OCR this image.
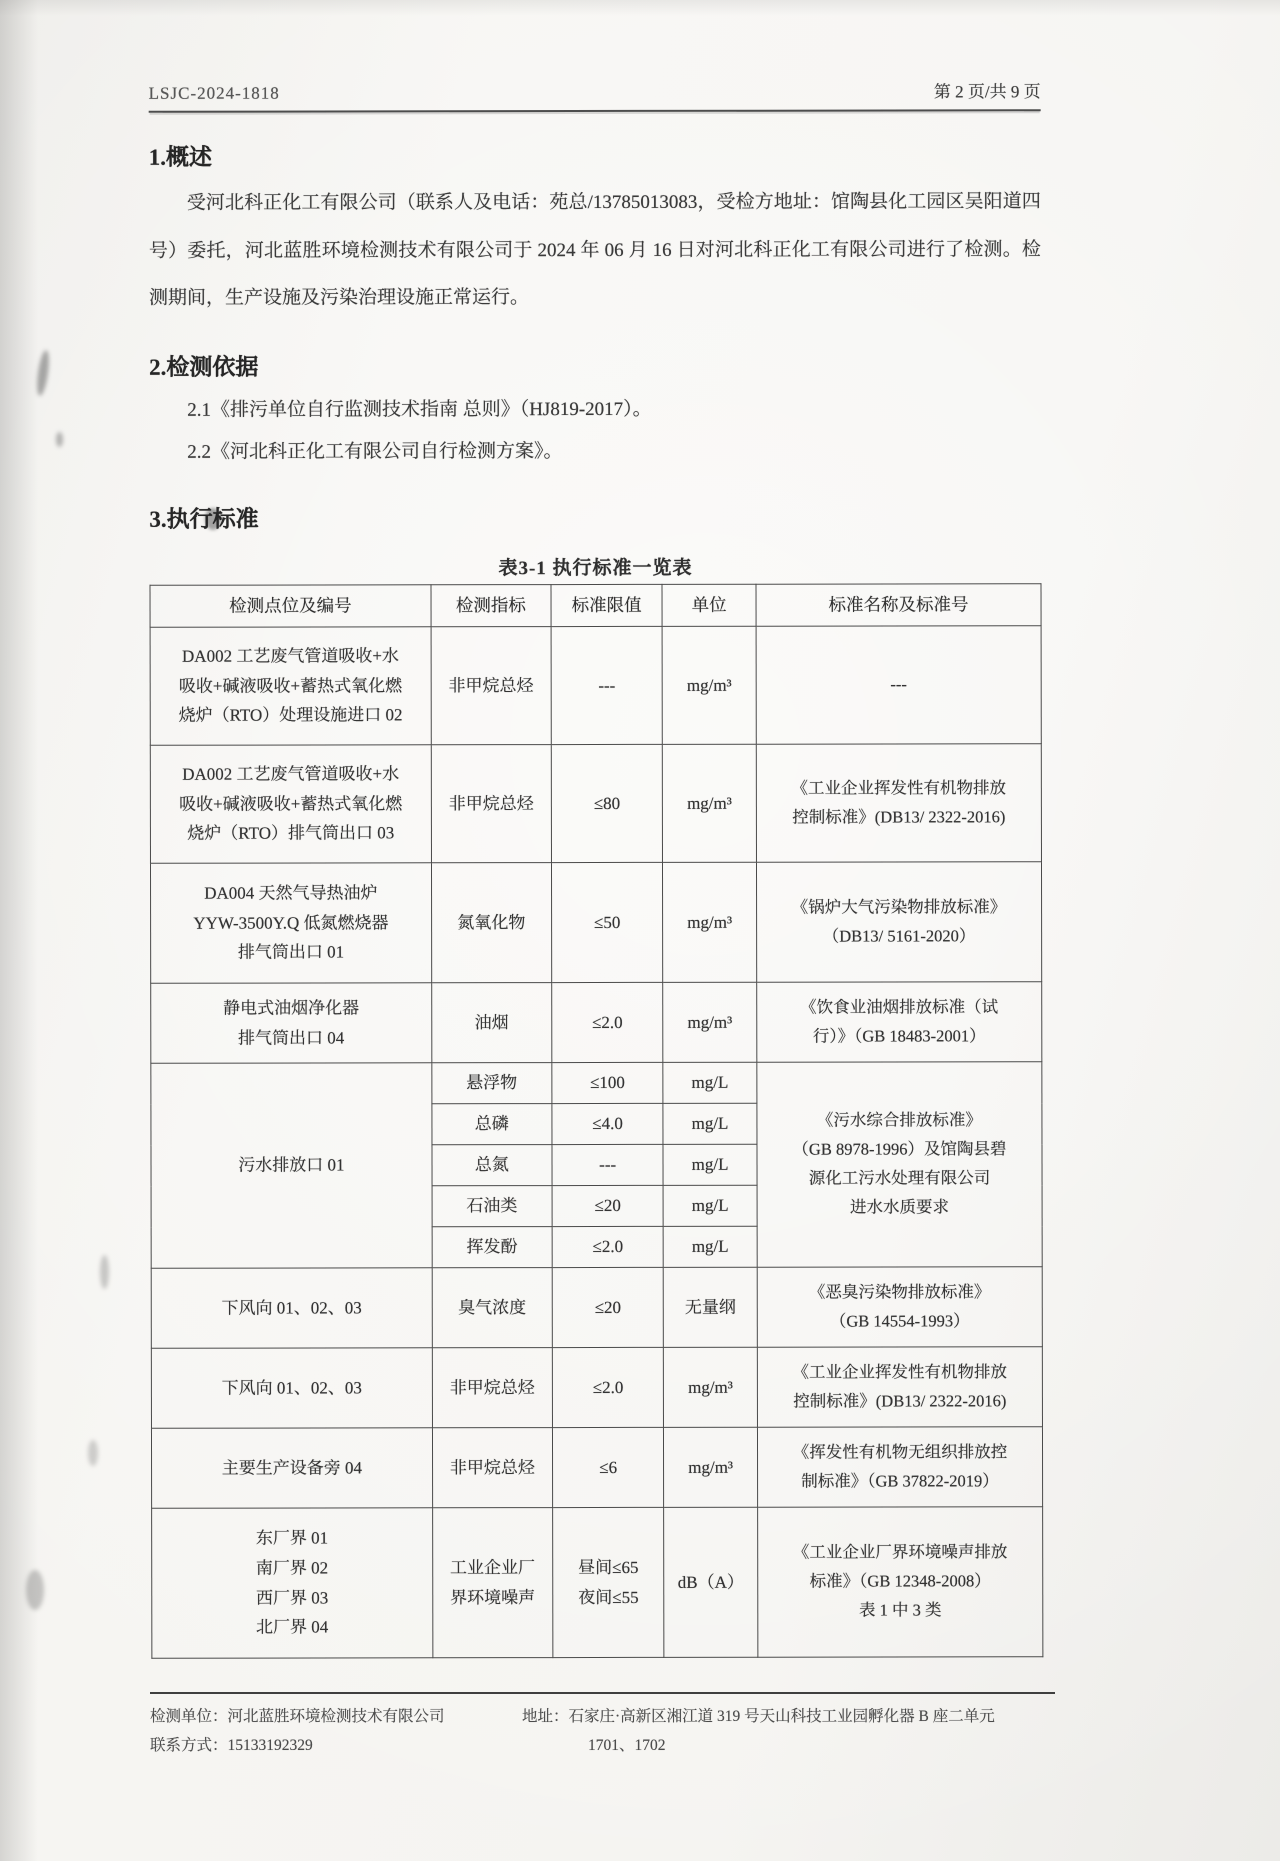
LSJC-2024-1818	第 2 页/共 9 页
1.概述

受河北科正化工有限公司（联系人及电话：苑总/13785013083，受检方地址：馆陶县化工园区吴阳道四号）委托，河北蓝胜环境检测技术有限公司于 2024 年 06 月 16 日对河北科正化工有限公司进行了检测。检测期间，生产设施及污染治理设施正常运行。

2.检测依据
2.1《排污单位自行监测技术指南 总则》（HJ819-2017）。
2.2《河北科正化工有限公司自行检测方案》。
3.执行标准
表3-1 执行标准一览表
检测点位及编号	检测指标	标准限值	单位	标准名称及标准号
DA002 工艺废气管道吸收+水
吸收+碱液吸收+蓄热式氧化燃
烧炉（RTO）处理设施进口 02	非甲烷总烃	---	mg/m³	---
DA002 工艺废气管道吸收+水
吸收+碱液吸收+蓄热式氧化燃
烧炉（RTO）排气筒出口 03	非甲烷总烃	≤80	mg/m³	《工业企业挥发性有机物排放
控制标准》(DB13/ 2322-2016)
DA004 天然气导热油炉
YYW-3500Y.Q 低氮燃烧器
排气筒出口 01	氮氧化物	≤50	mg/m³	《锅炉大气污染物排放标准》
（DB13/ 5161-2020）
静电式油烟净化器
排气筒出口 04	油烟	≤2.0	mg/m³	《饮食业油烟排放标准（试
行）》（GB 18483-2001）
污水排放口 01	悬浮物	≤100	mg/L	《污水综合排放标准》
（GB 8978-1996）及馆陶县碧
源化工污水处理有限公司
进水水质要求
	总磷	≤4.0	mg/L	
	总氮	---	mg/L	
	石油类	≤20	mg/L	
	挥发酚	≤2.0	mg/L	
下风向 01、02、03	臭气浓度	≤20	无量纲	《恶臭污染物排放标准》
（GB 14554-1993）
下风向 01、02、03	非甲烷总烃	≤2.0	mg/m³	《工业企业挥发性有机物排放
控制标准》(DB13/ 2322-2016)
主要生产设备旁 04	非甲烷总烃	≤6	mg/m³	《挥发性有机物无组织排放控
制标准》（GB 37822-2019）
东厂界 01
南厂界 02
西厂界 03
北厂界 04	工业企业厂
界环境噪声	昼间≤65
夜间≤55	dB（A）	《工业企业厂界环境噪声排放
标准》（GB 12348-2008）
表 1 中 3 类
检测单位：河北蓝胜环境检测技术有限公司	地址：石家庄·高新区湘江道 319 号天山科技工业园孵化器 B 座二单元
联系方式：15133192329	1701、1702
